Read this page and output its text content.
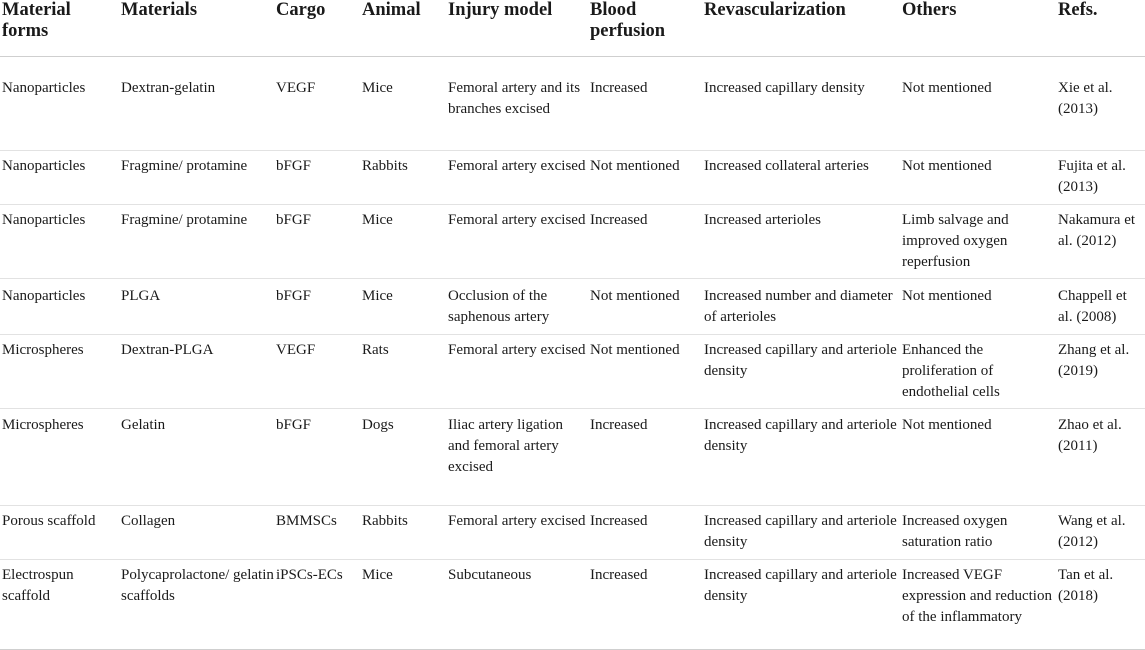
Material forms	Materials	Cargo	Animal	Injury model	Blood perfusion	Revascularization	Others	Refs.
Nanoparticles	Dextran-gelatin	VEGF	Mice	Femoral artery and its branches excised	Increased	Increased capillary density	Not mentioned	Xie et al. (2013)
Nanoparticles	Fragmine/ protamine	bFGF	Rabbits	Femoral artery excised	Not mentioned	Increased collateral arteries	Not mentioned	Fujita et al. (2013)
Nanoparticles	Fragmine/ protamine	bFGF	Mice	Femoral artery excised	Increased	Increased arterioles	Limb salvage and improved oxygen reperfusion	Nakamura et al. (2012)
Nanoparticles	PLGA	bFGF	Mice	Occlusion of the saphenous artery	Not mentioned	Increased number and diameter of arterioles	Not mentioned	Chappell et al. (2008)
Microspheres	Dextran-PLGA	VEGF	Rats	Femoral artery excised	Not mentioned	Increased capillary and arteriole density	Enhanced the proliferation of endothelial cells	Zhang et al. (2019)
Microspheres	Gelatin	bFGF	Dogs	Iliac artery ligation and femoral artery excised	Increased	Increased capillary and arteriole density	Not mentioned	Zhao et al. (2011)
Porous scaffold	Collagen	BMMSCs	Rabbits	Femoral artery excised	Increased	Increased capillary and arteriole density	Increased oxygen saturation ratio	Wang et al. (2012)
Electrospun scaffold	Polycaprolactone/ gelatin scaffolds	iPSCs-ECs	Mice	Subcutaneous	Increased	Increased capillary and arteriole density	Increased VEGF expression and reduction of the inflammatory	Tan et al. (2018)
